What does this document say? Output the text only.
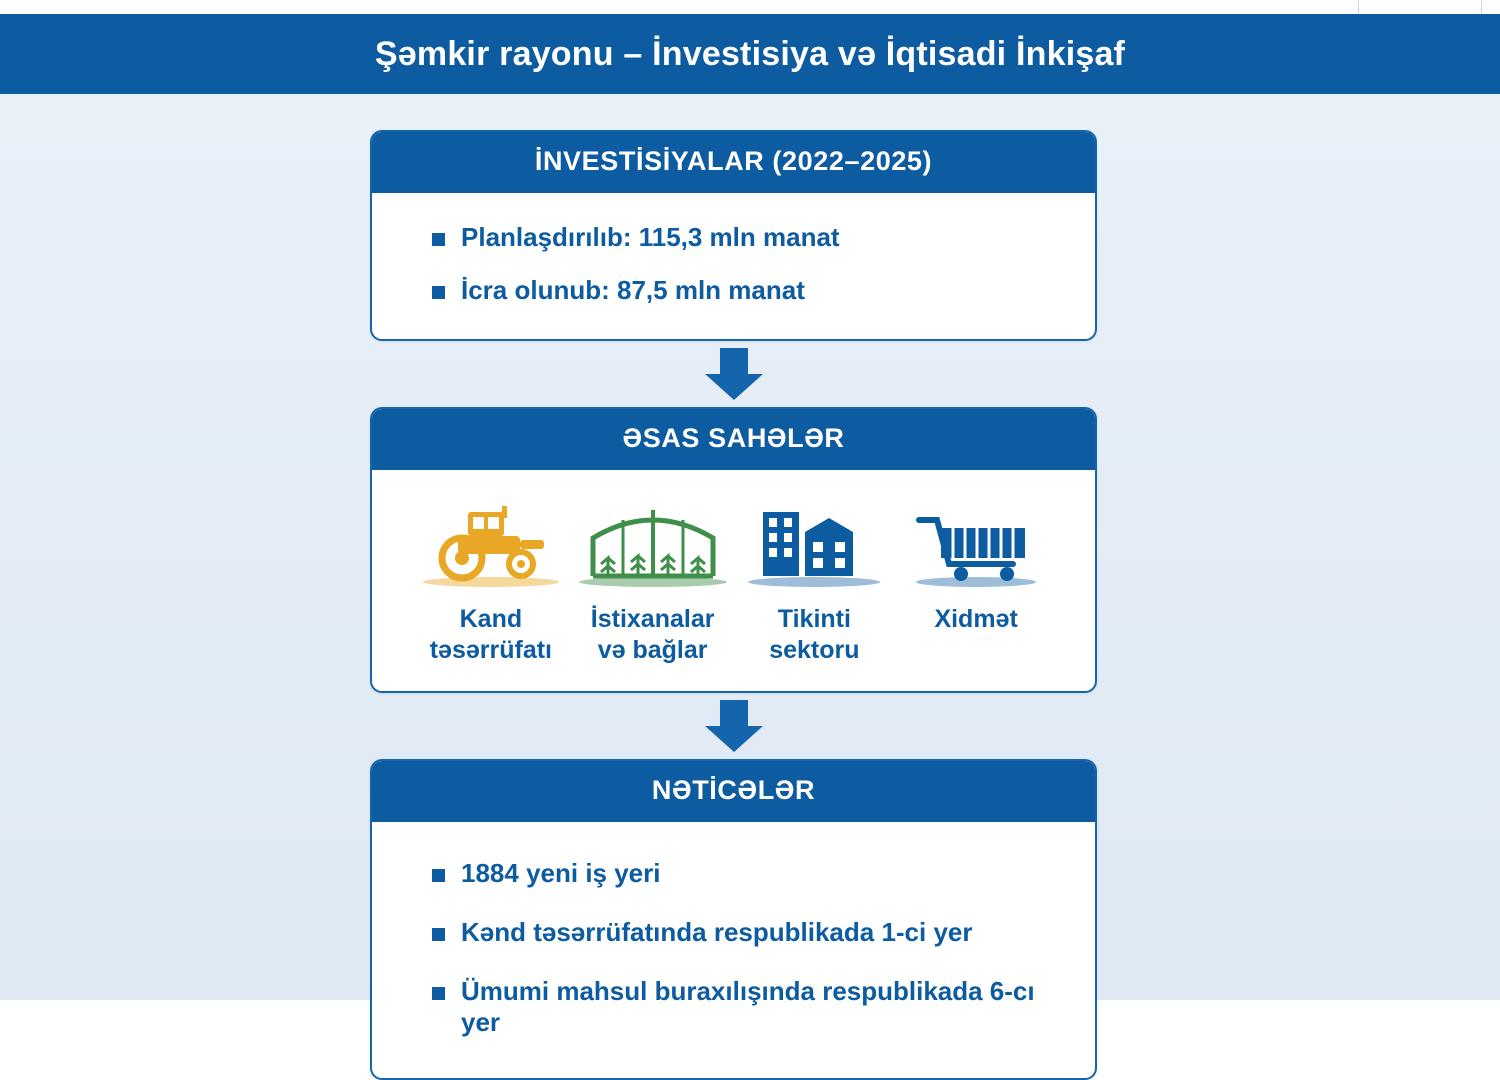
Şəmkir rayonu – İnvestisiya və İqtisadi İnkişaf
İNVESTİSİYALAR (2022–2025)
Planlaşdırılıb: 115,3 mln manat
İcra olunub: 87,5 mln manat
ƏSAS SAHƏLƏR
Kand
təsərrüfatı
İstixanalar
və bağlar
Tikinti
sektoru
Xidmət
NƏTİCƏLƏR
1884 yeni iş yeri
Kənd təsərrüfatında respublikada 1-ci yer
Ümumi mahsul buraxılışında respublikada 6-cı yer
